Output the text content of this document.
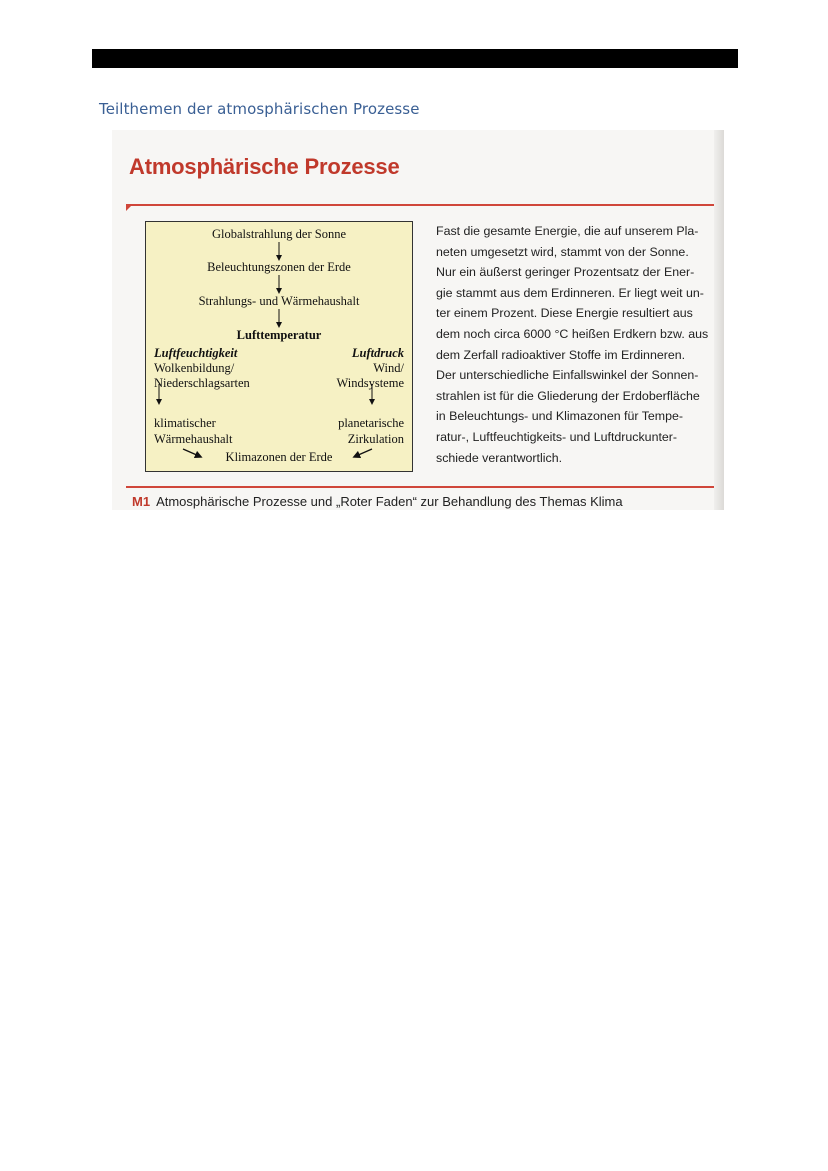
Teilthemen der atmosphärischen Prozesse
Atmosphärische Prozesse
Globalstrahlung der Sonne
Beleuchtungszonen der Erde
Strahlungs- und Wärmehaushalt
Lufttemperatur
Luftfeuchtigkeit
Wolkenbildung/
Niederschlagsarten
Luftdruck
Wind/
Windsysteme
klimatischer
Wärmehaushalt
planetarische
Zirkulation
Klimazonen der Erde
Fast die gesamte Energie, die auf unserem Pla-
neten umgesetzt wird, stammt von der Sonne.
Nur ein äußerst geringer Prozentsatz der Ener-
gie stammt aus dem Erdinneren. Er liegt weit un-
ter einem Prozent. Diese Energie resultiert aus
dem noch circa 6000 °C heißen Erdkern bzw. aus
dem Zerfall radioaktiver Stoffe im Erdinneren.
Der unterschiedliche Einfallswinkel der Sonnen-
strahlen ist für die Gliederung der Erdoberfläche
in Beleuchtungs- und Klimazonen für Tempe-
ratur-, Luftfeuchtigkeits- und Luftdruckunter-
schiede verantwortlich.
M1 Atmosphärische Prozesse und „Roter Faden“ zur Behandlung des Themas Klima
